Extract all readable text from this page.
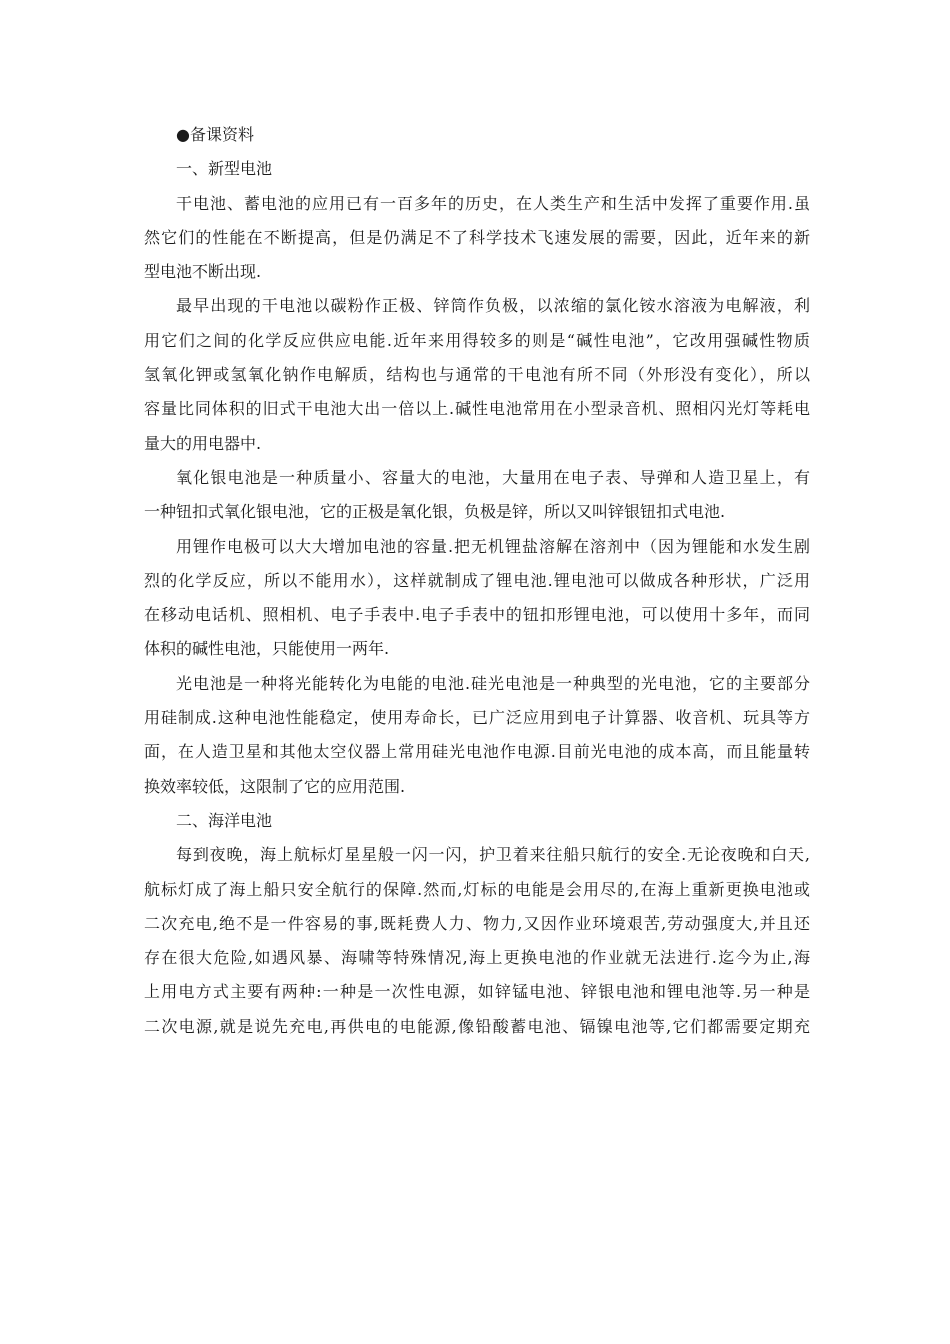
●备课资料

一、新型电池

干电池、蓄电池的应用已有一百多年的历史，在人类生产和生活中发挥了重要作用.虽
然它们的性能在不断提高，但是仍满足不了科学技术飞速发展的需要，因此，近年来的新
型电池不断出现.

最早出现的干电池以碳粉作正极、锌筒作负极，以浓缩的氯化铵水溶液为电解液，利
用它们之间的化学反应供应电能.近年来用得较多的则是“碱性电池”，它改用强碱性物质
氢氧化钾或氢氧化钠作电解质，结构也与通常的干电池有所不同（外形没有变化），所以
容量比同体积的旧式干电池大出一倍以上.碱性电池常用在小型录音机、照相闪光灯等耗电
量大的用电器中.

氧化银电池是一种质量小、容量大的电池，大量用在电子表、导弹和人造卫星上，有
一种钮扣式氧化银电池，它的正极是氧化银，负极是锌，所以又叫锌银钮扣式电池.

用锂作电极可以大大增加电池的容量.把无机锂盐溶解在溶剂中（因为锂能和水发生剧
烈的化学反应，所以不能用水），这样就制成了锂电池.锂电池可以做成各种形状，广泛用
在移动电话机、照相机、电子手表中.电子手表中的钮扣形锂电池，可以使用十多年，而同
体积的碱性电池，只能使用一两年.

光电池是一种将光能转化为电能的电池.硅光电池是一种典型的光电池，它的主要部分
用硅制成.这种电池性能稳定，使用寿命长，已广泛应用到电子计算器、收音机、玩具等方
面，在人造卫星和其他太空仪器上常用硅光电池作电源.目前光电池的成本高，而且能量转
换效率较低，这限制了它的应用范围.

二、海洋电池

每到夜晚，海上航标灯星星般一闪一闪，护卫着来往船只航行的安全.无论夜晚和白天,
航标灯成了海上船只安全航行的保障.然而,灯标的电能是会用尽的,在海上重新更换电池或
二次充电,绝不是一件容易的事,既耗费人力、物力,又因作业环境艰苦,劳动强度大,并且还
存在很大危险,如遇风暴、海啸等特殊情况,海上更换电池的作业就无法进行.迄今为止,海
上用电方式主要有两种:一种是一次性电源，如锌锰电池、锌银电池和锂电池等.另一种是
二次电源,就是说先充电,再供电的电能源,像铅酸蓄电池、镉镍电池等,它们都需要定期充
